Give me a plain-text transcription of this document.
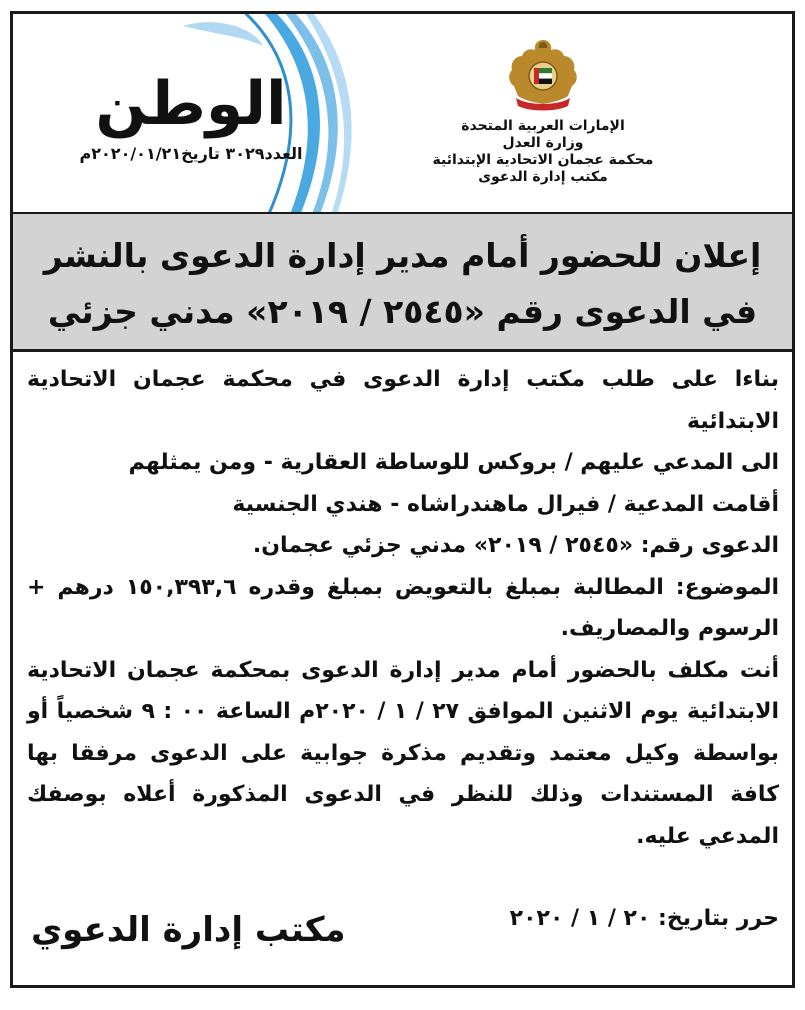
الوطن
العدد٣٠٢٩ تاريخ٢٠٢٠/٠١/٢١م
الإمارات العربية المتحدة
وزارة العدل
محكمة عجمان الاتحادية الإبتدائية
مكتب إدارة الدعوى
إعلان للحضور أمام مدير إدارة الدعوى بالنشر
في الدعوى رقم «٢٥٤٥ / ٢٠١٩» مدني جزئي

بناءا على طلب مكتب إدارة الدعوى في محكمة عجمان الاتحادية الابتدائية

الى المدعي عليهم / بروكس للوساطة العقارية - ومن يمثلهم

أقامت المدعية / فيرال ماهندراشاه - هندي الجنسية

الدعوى رقم: «٢٥٤٥ / ٢٠١٩» مدني جزئي عجمان.

الموضوع: المطالبة بمبلغ بالتعويض بمبلغ وقدره ١٥٠,٣٩٣,٦ درهم + الرسوم والمصاريف.

أنت مكلف بالحضور أمام مدير إدارة الدعوى بمحكمة عجمان الاتحادية الابتدائية يوم الاثنين الموافق ٢٧ / ١ / ٢٠٢٠م الساعة ٠٠ : ٩ شخصياً أو بواسطة وكيل معتمد وتقديم مذكرة جوابية على الدعوى مرفقا بها كافة المستندات وذلك للنظر في الدعوى المذكورة أعلاه بوصفك المدعي عليه.

حرر بتاريخ: ٢٠ / ١ / ٢٠٢٠
مكتب إدارة الدعوي
